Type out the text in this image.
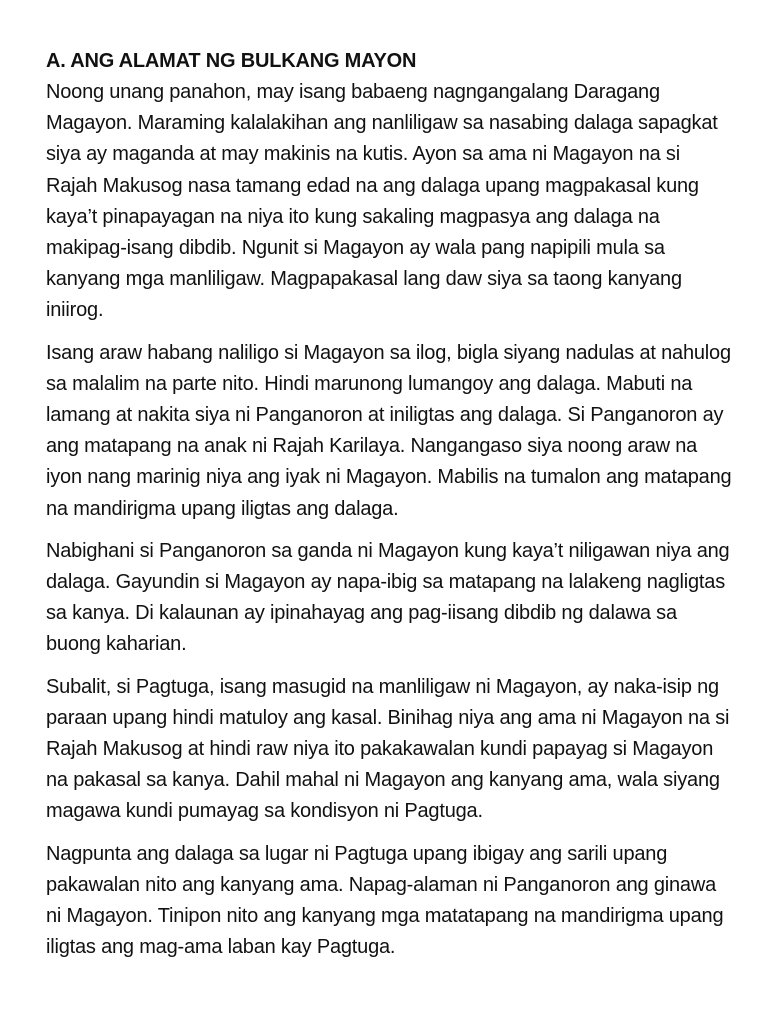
A. ANG ALAMAT NG BULKANG MAYON

Noong unang panahon, may isang babaeng nagngangalang Daragang Magayon. Maraming kalalakihan ang nanliligaw sa nasabing dalaga sapagkat siya ay maganda at may makinis na kutis. Ayon sa ama ni Magayon na si Rajah Makusog nasa tamang edad na ang dalaga upang magpakasal kung kaya’t pinapayagan na niya ito kung sakaling magpasya ang dalaga na makipag-isang dibdib. Ngunit si Magayon ay wala pang napipili mula sa kanyang mga manliligaw. Magpapakasal lang daw siya sa taong kanyang iniirog.

Isang araw habang naliligo si Magayon sa ilog, bigla siyang nadulas at nahulog sa malalim na parte nito. Hindi marunong lumangoy ang dalaga. Mabuti na lamang at nakita siya ni Panganoron at iniligtas ang dalaga. Si Panganoron ay ang matapang na anak ni Rajah Karilaya. Nangangaso siya noong araw na iyon nang marinig niya ang iyak ni Magayon. Mabilis na tumalon ang matapang na mandirigma upang iligtas ang dalaga.

Nabighani si Panganoron sa ganda ni Magayon kung kaya’t niligawan niya ang dalaga. Gayundin si Magayon ay napa-ibig sa matapang na lalakeng nagligtas sa kanya. Di kalaunan ay ipinahayag ang pag-iisang dibdib ng dalawa sa buong kaharian.

Subalit, si Pagtuga, isang masugid na manliligaw ni Magayon, ay naka-isip ng paraan upang hindi matuloy ang kasal. Binihag niya ang ama ni Magayon na si Rajah Makusog at hindi raw niya ito pakakawalan kundi papayag si Magayon na pakasal sa kanya. Dahil mahal ni Magayon ang kanyang ama, wala siyang magawa kundi pumayag sa kondisyon ni Pagtuga.

Nagpunta ang dalaga sa lugar ni Pagtuga upang ibigay ang sarili upang pakawalan nito ang kanyang ama. Napag-alaman ni Panganoron ang ginawa ni Magayon. Tinipon nito ang kanyang mga matatapang na mandirigma upang iligtas ang mag-ama laban kay Pagtuga.
